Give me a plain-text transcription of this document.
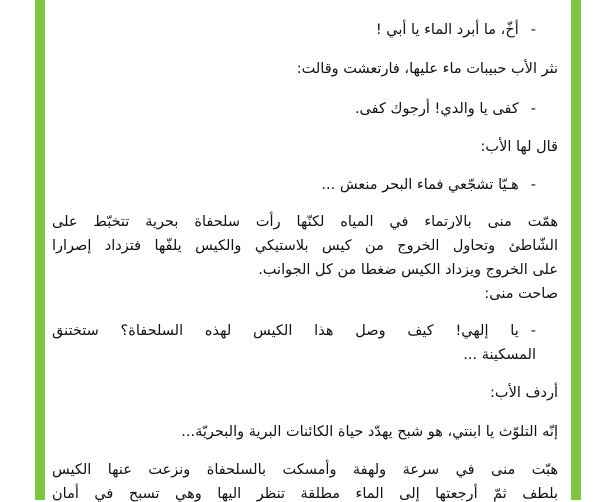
-أخّ، ما أبرد الماء يا أبي !
نثر الأب حبيبات ماء عليها، فارتعشت وقالت:
-كفى يا والدي! أرجوك كفى.
قال لها الأب:
-هـيّا تشجّعي فماء البحر منعش ...
همّت منى بالارتماء في المياه لكنّها رأت سلحفاة بحرية تتخبّط على
الشّاطئ وتحاول الخروج من كيس بلاستيكي والكيس يلفّها فتزداد إصرارا
على الخروج ويزداد الكيس ضغطا من كل الجوانب.
صاحت منى:
-يا إلهي! كيف وصل هذا الكيس لهذه السلحفاة؟ ستختنق
المسكينة ...
أردف الأب:
إنّه التلوّث يا ابنتي، هو شبح يهدّد حياة الكائنات البرية والبحريّة...
هبّت منى في سرعة ولهفة وأمسكت بالسلحفاة ونزعت عنها الكيس
بلطف ثمّ أرجعتها إلى الماء مطلقة تنظر اليها وهي تسبح في أمان
